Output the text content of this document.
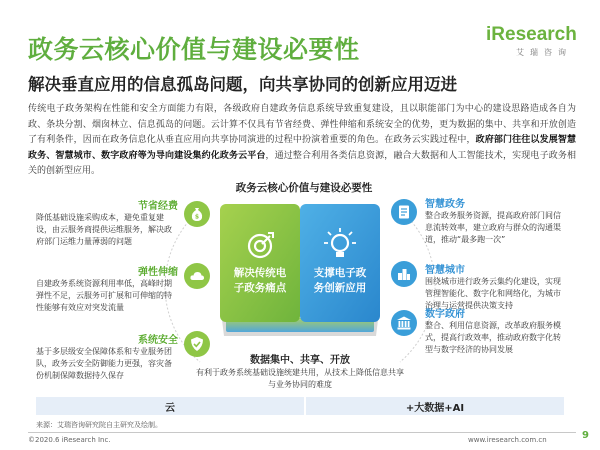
政务云核心价值与建设必要性
iResearch
艾瑞咨询
解决垂直应用的信息孤岛问题，向共享协同的创新应用迈进
传统电子政务架构在性能和安全方面能力有限，各级政府自建政务信息系统导致重复建设，且以职能部门为中心的建设思路造成各自为政、条块分割、烟囱林立、信息孤岛的问题。云计算不仅具有节省经费、弹性伸缩和系统安全的优势，更为数据的集中、共享和开放创造了有利条件，因而在政务信息化从垂直应用向共享协同演进的过程中扮演着重要的角色。在政务云实践过程中，政府部门往往以发展智慧政务、智慧城市、数字政府等为导向建设集约化政务云平台，通过整合利用各类信息资源，融合大数据和人工智能技术，实现电子政务相关的创新型应用。
政务云核心价值与建设必要性
解决传统电
子政务痛点
支撑电子政
务创新应用
$
节省经费
降低基础设施采购成本，避免重复建设，由云服务商提供运维服务，解决政府部门运维力量薄弱的问题
弹性伸缩
自建政务系统资源利用率低，高峰时期弹性不足，云服务可扩展和可伸缩的特性能够有效应对突发流量
系统安全
基于多层级安全保障体系和专业服务团队，政务云安全防御能力更强，容灾备份机制保障数据持久保存
智慧政务
整合政务服务资源，提高政府部门间信息流转效率，建立政府与群众的沟通渠道，推动“最多跑一次”
智慧城市
围绕城市进行政务云集约化建设，实现管理智能化、数字化和网络化，为城市治理与运营提供决策支持
数字政府
整合、利用信息资源，改革政府服务模式，提高行政效率，推动政府数字化转型与数字经济的协同发展
数据集中、共享、开放
有利于政务系统基础设施统建共用，从技术上降低信息共享与业务协同的难度
云	+大数据+AI
来源：艾瑞咨询研究院自主研究及绘制。
©2020.6 iResearch Inc.	www.iresearch.com.cn	9
